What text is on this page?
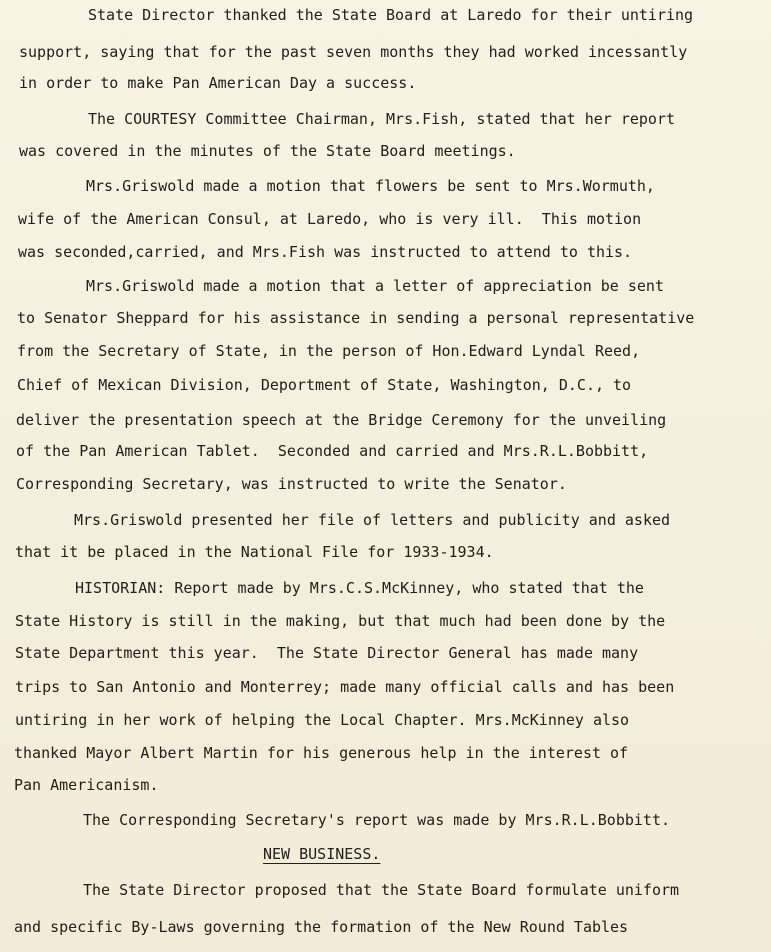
State Director thanked the State Board at Laredo for their untiring
support, saying that for the past seven months they had worked incessantly
in order to make Pan American Day a success.
The COURTESY Committee Chairman, Mrs.Fish, stated that her report
was covered in the minutes of the State Board meetings.
Mrs.Griswold made a motion that flowers be sent to Mrs.Wormuth,
wife of the American Consul, at Laredo, who is very ill.  This motion
was seconded,carried, and Mrs.Fish was instructed to attend to this.
Mrs.Griswold made a motion that a letter of appreciation be sent
to Senator Sheppard for his assistance in sending a personal representative
from the Secretary of State, in the person of Hon.Edward Lyndal Reed,
Chief of Mexican Division, Deportment of State, Washington, D.C., to
deliver the presentation speech at the Bridge Ceremony for the unveiling
of the Pan American Tablet.  Seconded and carried and Mrs.R.L.Bobbitt,
Corresponding Secretary, was instructed to write the Senator.
Mrs.Griswold presented her file of letters and publicity and asked
that it be placed in the National File for 1933-1934.
HISTORIAN: Report made by Mrs.C.S.McKinney, who stated that the
State History is still in the making, but that much had been done by the
State Department this year.  The State Director General has made many
trips to San Antonio and Monterrey; made many official calls and has been
untiring in her work of helping the Local Chapter. Mrs.McKinney also
thanked Mayor Albert Martin for his generous help in the interest of
Pan Americanism.
The Corresponding Secretary's report was made by Mrs.R.L.Bobbitt.
NEW BUSINESS.
The State Director proposed that the State Board formulate uniform
and specific By-Laws governing the formation of the New Round Tables
